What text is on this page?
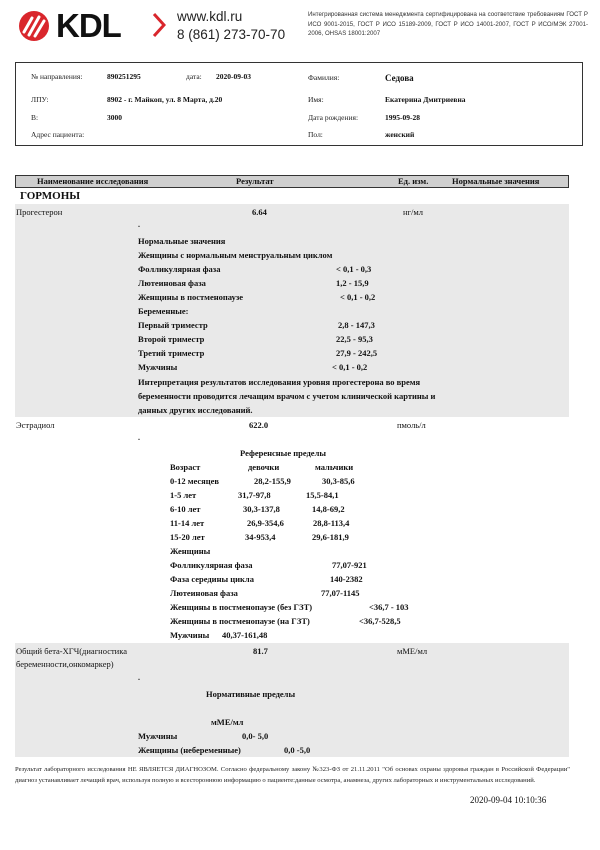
KDL	www.kdl.ru
8 (861) 273-70-70
Интегрированная система менеджмента сертифицирована на соответствие требованиям ГОСТ Р ИСО 9001-2015, ГОСТ Р ИСО 15189-2009, ГОСТ Р ИСО 14001-2007, ГОСТ Р ИСО/МЭК 27001-2006, OHSAS 18001:2007
№ направления:	890251295	дата: 2020-09-03
ЛПУ:	8902 - г. Майкоп, ул. 8 Марта, д.20
В:	3000
Адрес пациента:
Фамилия:	Седова
Имя:	Екатерина Дмитриевна
Дата рождения:	1995-09-28
Пол:	женский
Наименование исследования	Результат	Ед. изм.	Нормальные значения
ГОРМОНЫ
Прогестерон	6.64	нг/мл
.
Нормальные значения
Женщины с нормальным менструальным циклом
Фолликулярная фаза	< 0,1 - 0,3
Лютеиновая фаза	1,2 - 15,9
Женщины в постменопаузе	< 0,1 - 0,2
Беременные:
Первый триместр	2,8 - 147,3
Второй триместр	22,5 - 95,3
Третий триместр	27,9 - 242,5
Мужчины	< 0,1 - 0,2
Интерпретация результатов исследования уровня прогестерона во время
беременности проводится лечащим врачом с учетом клинической картины и
данных других исследований.
Эстрадиол	622.0	пмоль/л
.
Референсные пределы
Возраст	девочки	мальчики
0-12 месяцев	28,2-155,9	30,3-85,6
1-5 лет	31,7-97,8	15,5-84,1
6-10 лет	30,3-137,8	14,8-69,2
11-14 лет	26,9-354,6	28,8-113,4
15-20 лет	34-953,4	29,6-181,9
Женщины
Фолликулярная фаза	77,07-921
Фаза середины цикла	140-2382
Лютеиновая фаза	77,07-1145
Женщины в постменопаузе (без ГЗТ)	<36,7 - 103
Женщины в постменопаузе (на ГЗТ)	<36,7-528,5
Мужчины 40,37-161,48
Общий бета-ХГЧ(диагностика
беременности,онкомаркер)
81.7	мМЕ/мл
.
Нормативные пределы
мМЕ/мл
Мужчины	0,0- 5,0
Женщины (небеременные)	0,0 -5,0
Результат лабораторного исследования НЕ ЯВЛЯЕТСЯ ДИАГНОЗОМ. Согласно федеральному закону №323-ФЗ от 21.11.2011 "Об основах охраны здоровья граждан в Российской Федерации" диагноз устанавливает лечащий врач, используя полную и всестороннюю информацию о пациенте:данные осмотра, анамнеза, других лабораторных и инструментальных исследований.
2020-09-04 10:10:36
